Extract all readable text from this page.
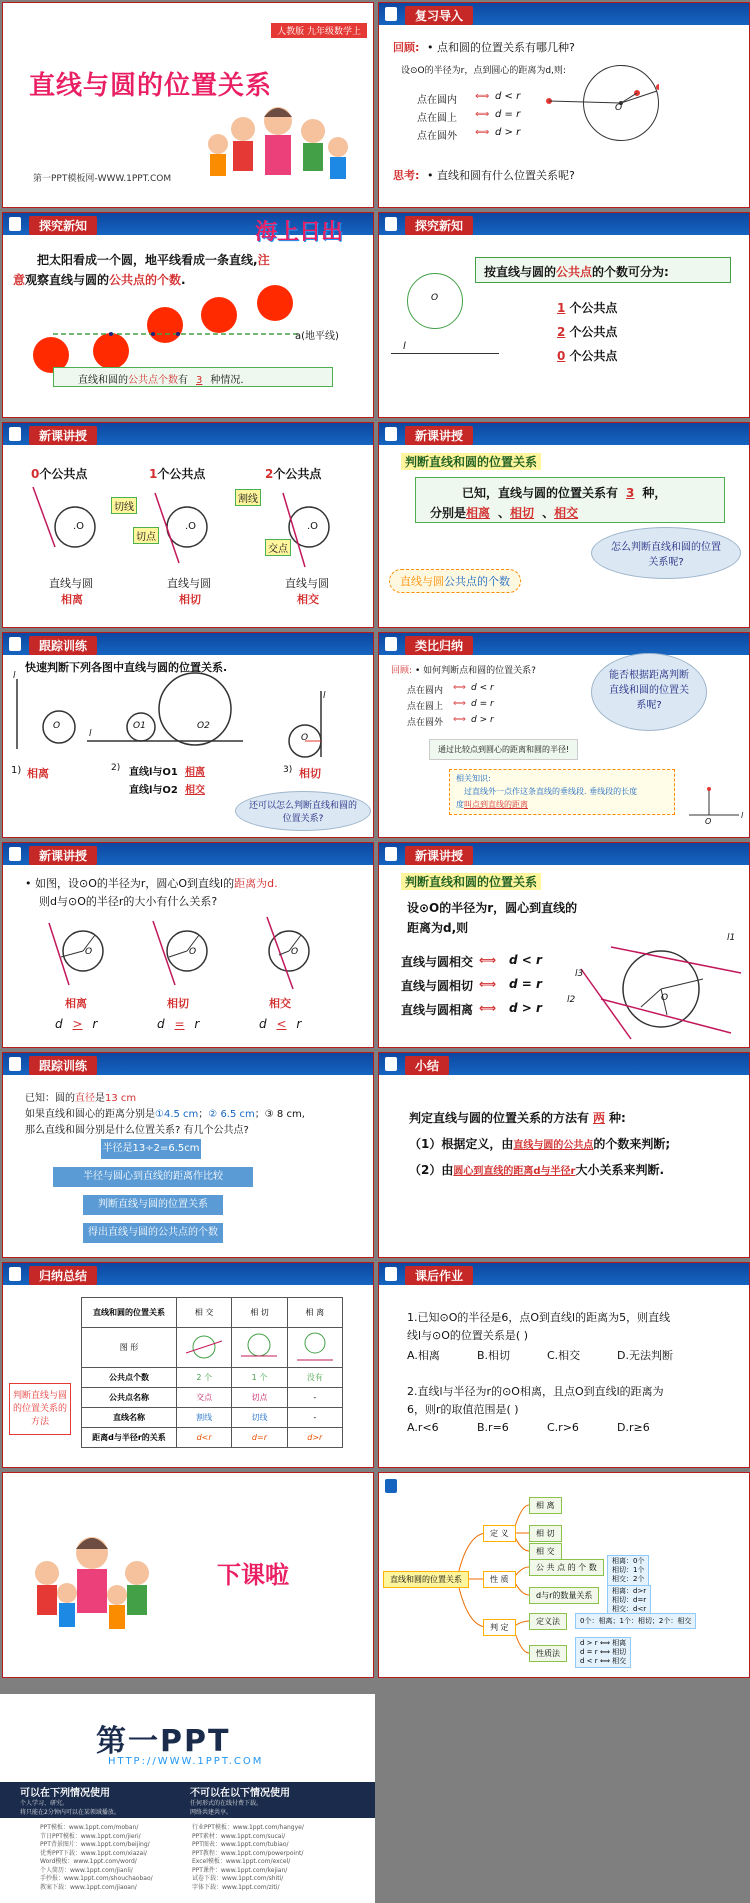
人教版 九年级数学上
直线与圆的位置关系
第一PPT模板网-WWW.1PPT.COM
复习导入
回顾: • 点和圆的位置关系有哪几种?
设⊙O的半径为r，点到圆心的距离为d,则:
点在圆内 ⟺ d < r
点在圆上 ⟺ d = r
点在圆外 ⟺ d > r
O
思考: • 直线和圆有什么位置关系呢?
探究新知	海上日出
把太阳看成一个圆，地平线看成一条直线,注
意观察直线与圆的公共点的个数.
a(地平线)
直线和圆的公共点个数有 3 种情况.
探究新知
O
l
按直线与圆的公共点的个数可分为:
1 个公共点
2 个公共点
0 个公共点
新课讲授
0个公共点	1个公共点	2个公共点
.O	.O	.O
切线
切点
割线
交点
直线与圆
相离
直线与圆
相切
直线与圆
相交
新课讲授
判断直线和圆的位置关系
已知，直线与圆的位置关系有 3 种，
分别是相离 、相切 、相交
怎么判断直线和圆的位置关系呢?
直线与圆公共点的个数
跟踪训练
快速判断下列各图中直线与圆的位置关系.
l
O
l
O1	O2
O
l
1) 相离	2) 直线l与O1 相离
直线l与O2 相交
3) 相切
还可以怎么判断直线和圆的位置关系?
类比归纳
回顾: • 如何判断点和圆的位置关系?
点在圆内 ⟺ d < r
点在圆上 ⟺ d = r
点在圆外 ⟺ d > r
通过比较点到圆心的距离和圆的半径!
能否根据距离判断直线和圆的位置关系呢?
相关知识:
过直线外一点作这条直线的垂线段. 垂线段的长度
度叫点到直线的距离
O
l
新课讲授
• 如图，设⊙O的半径为r，圆心O到直线l的距离为d.
则d与⊙O的半径r的大小有什么关系?
O	O	O
相离	相切	相交
d > r	d = r	d < r
新课讲授
判断直线和圆的位置关系
设⊙O的半径为r，圆心到直线的
距离为d,则
直线与圆相交 ⟺ d < r
直线与圆相切 ⟺ d = r
直线与圆相离 ⟺ d > r
l1
l3
l2	O
跟踪训练
已知：圆的直径是13 cm
如果直线和圆心的距离分别是①4.5 cm；② 6.5 cm；③ 8 cm,
那么直线和圆分别是什么位置关系? 有几个公共点?
半径是13÷2=6.5cm
半径与圆心到直线的距离作比较
判断直线与圆的位置关系
得出直线与圆的公共点的个数
小结
判定直线与圆的位置关系的方法有 两 种:
（1）根据定义，由直线与圆的公共点的个数来判断;
（2）由圆心到直线的距离d与半径r大小关系来判断.
归纳总结
直线和圆的位置关系	相 交	相 切	相 离
图 形			
公共点个数	2 个	1 个	没有
公共点名称	交点	切点	-
直线名称	割线	切线	-
距离d与半径r的关系	d<r	d=r	d>r
判断直线与圆的位置关系的方法
课后作业
1.已知⊙O的半径是6，点O到直线l的距离为5，则直线
线l与⊙O的位置关系是( )
A.相离	B.相切	C.相交	D.无法判断
2.直线l与半径为r的⊙O相离，且点O到直线l的距离为
6，则r的取值范围是( )
A.r<6	B.r=6	C.r>6	D.r≥6
下课啦	直线和圆的位置关系
定 义
性 质
判 定
相 离
相 切
相 交
公 共 点 的 个 数
相离：0个
相切：1个
相交：2个
d与r的数量关系	相离：d>r
相切：d=r
相交：d<r
定义法	0个：相离；1个：相切；2个：相交
性质法
d > r ⟺ 相离
d = r ⟺ 相切
d < r ⟺ 相交
第一PPT
HTTP://WWW.1PPT.COM
可以在下列情况使用
个人学习、研究。
将只能在2分钟内可以在某领域播放。
不可以在以下情况使用
任何形式的在线付费下载。
网络共建共享。
PPT模板：www.1ppt.com/moban/
节日PPT模板：www.1ppt.com/jieri/
PPT背景图片：www.1ppt.com/beijing/
优秀PPT下载：www.1ppt.com/xiazai/
Word模板：www.1ppt.com/word/
个人简历：www.1ppt.com/jianli/
手抄报：www.1ppt.com/shouchaobao/
教案下载：www.1ppt.com/jiaoan/
行业PPT模板：www.1ppt.com/hangye/
PPT素材：www.1ppt.com/sucai/
PPT图表：www.1ppt.com/tubiao/
PPT教程：www.1ppt.com/powerpoint/
Excel模板：www.1ppt.com/excel/
PPT课件：www.1ppt.com/kejian/
试卷下载：www.1ppt.com/shiti/
字体下载：www.1ppt.com/ziti/
